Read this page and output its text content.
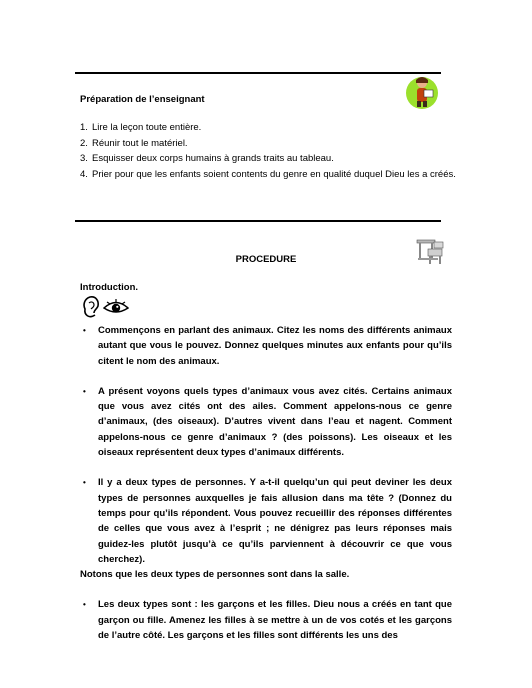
Préparation de l’enseignant
1. Lire la leçon toute entière.
2. Réunir tout le matériel.
3. Esquisser deux corps humains à grands traits au tableau.
4. Prier pour que les enfants soient contents du genre en qualité duquel Dieu les a créés.
PROCEDURE
Introduction.
• Commençons en parlant des animaux. Citez les noms des différents animaux autant que vous le pouvez. Donnez quelques minutes aux enfants pour qu’ils citent le nom des animaux.
• A présent voyons quels types d’animaux vous avez cités. Certains animaux que vous avez cités ont des ailes. Comment appelons-nous ce genre d’animaux, (des oiseaux). D’autres vivent dans l’eau et nagent. Comment appelons-nous ce genre d’animaux ? (des poissons). Les oiseaux et les oiseaux représentent deux types d’animaux différents.
• Il y a deux types de personnes. Y a-t-il quelqu’un qui peut deviner les deux types de personnes auxquelles je fais allusion dans ma tête ? (Donnez du temps pour qu’ils répondent. Vous pouvez recueillir des réponses différentes de celles que vous avez à l’esprit ; ne dénigrez pas leurs réponses mais guidez-les plutôt jusqu’à ce qu’ils parviennent à découvrir ce que vous cherchez).
Notons que les deux types de personnes sont dans la salle.
• Les deux types sont : les garçons et les filles. Dieu nous a créés en tant que garçon ou fille. Amenez les filles à se mettre à un de vos cotés et les garçons de l’autre côté. Les garçons et les filles sont différents les uns des
